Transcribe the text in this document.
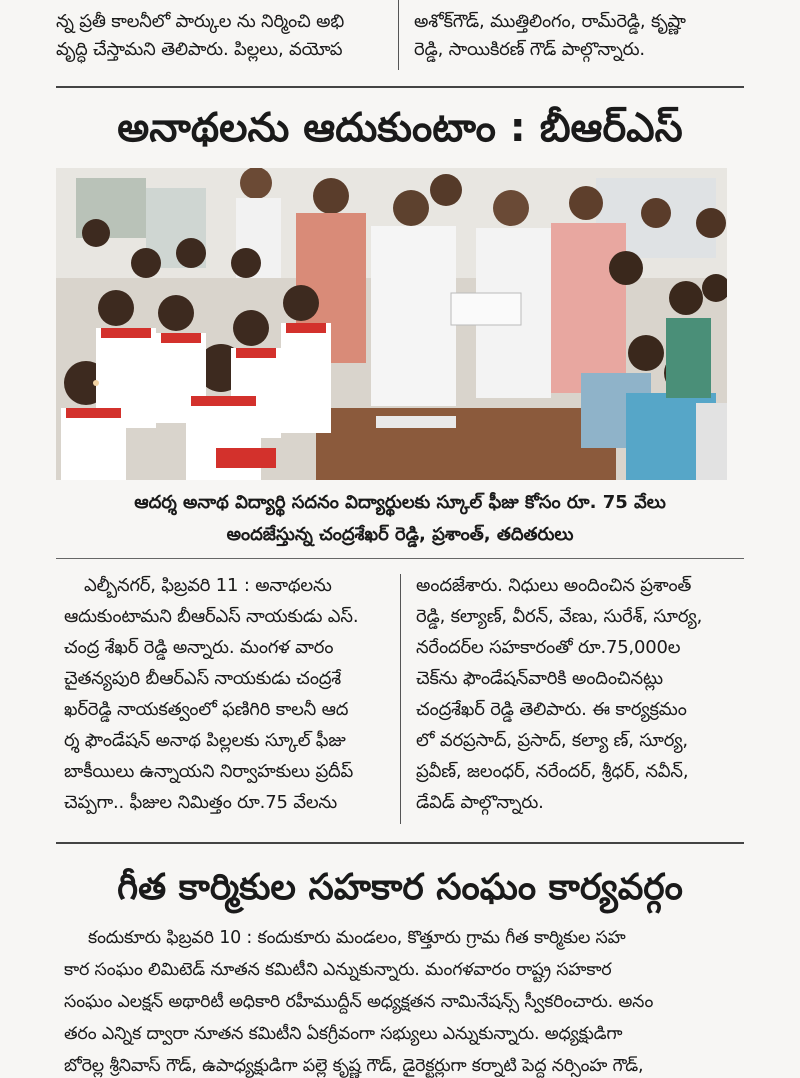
న్న ప్రతీ కాలనీలో పార్కుల ను నిర్మించి అభి
వృద్ధి చేస్తామని తెలిపారు. పిల్లలు, వయోప
అశోక్‌గౌడ్, ముత్తిలింగం, రామ్‌రెడ్డి, కృష్ణా
రెడ్డి, సాయికిరణ్ గౌడ్ పాల్గొన్నారు.
అనాథలను ఆదుకుంటాం : బీఆర్‌ఎస్
ఆదర్శ అనాథ విద్యార్థి సదనం విద్యార్థులకు స్కూల్ ఫీజు కోసం రూ. 75 వేలు
అందజేస్తున్న చంద్రశేఖర్ రెడ్డి, ప్రశాంత్, తదితరులు
ఎల్బీనగర్, ఫిబ్రవరి 11 : అనాథలను
ఆదుకుంటామని బీఆర్‌ఎస్ నాయకుడు ఎస్.
చంద్ర శేఖర్ రెడ్డి అన్నారు. మంగళ వారం
చైతన్యపురి బీఆర్‌ఎస్ నాయకుడు చంద్రశే
ఖర్‌రెడ్డి నాయకత్వంలో ఫణిగిరి కాలనీ ఆద
ర్శ ఫౌండేషన్ అనాథ పిల్లలకు స్కూల్ ఫీజు
బాకీయిలు ఉన్నాయని నిర్వాహకులు ప్రదీప్
చెప్పగా.. ఫీజుల నిమిత్తం రూ.75 వేలను
అందజేశారు. నిధులు అందించిన ప్రశాంత్
రెడ్డి, కల్యాణ్, వీరన్, వేణు, సురేశ్, సూర్య,
నరేందర్‌ల సహకారంతో రూ.75,000ల
చెక్‌ను ఫౌండేషన్‌వారికి అందించినట్లు
చంద్రశేఖర్ రెడ్డి తెలిపారు. ఈ కార్యక్రమం
లో వరప్రసాద్, ప్రసాద్, కల్యా ణ్, సూర్య,
ప్రవీణ్, జలంధర్, నరేందర్, శ్రీధర్, నవీన్,
డేవిడ్ పాల్గొన్నారు.
గీత కార్మికుల సహకార సంఘం కార్యవర్గం
కందుకూరు ఫిబ్రవరి 10 : కందుకూరు మండలం, కొత్తూరు గ్రామ గీత కార్మికుల సహ
కార సంఘం లిమిటెడ్ నూతన కమిటీని ఎన్నుకున్నారు. మంగళవారం రాష్ట్ర సహకార
సంఘం ఎలక్షన్ అథారిటీ అధికారి రహీముద్దీన్ అధ్యక్షతన నామినేషన్స్ స్వీకరించారు. అనం
తరం ఎన్నిక ద్వారా నూతన కమిటీని ఏకగ్రీవంగా సభ్యులు ఎన్నుకున్నారు. అధ్యక్షుడిగా
బోరెల్ల శ్రీనివాస్ గౌడ్, ఉపాధ్యక్షుడిగా పల్లె కృష్ణ గౌడ్, డైరెక్టర్లుగా కర్నాటి పెద్ద నర్సింహ గౌడ్,
